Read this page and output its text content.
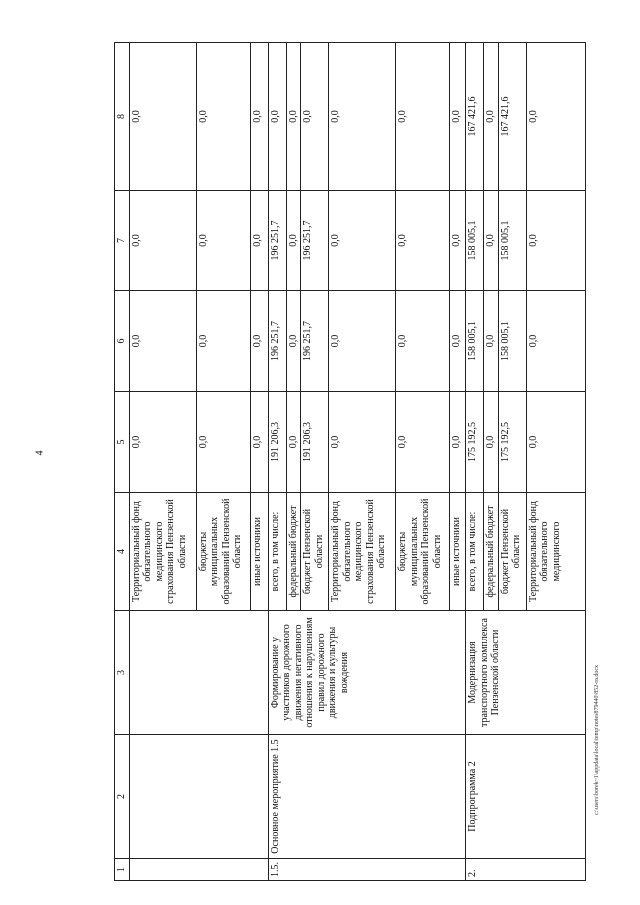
4
1	2	3	4	5	6	7	8
			Территориальный фонд обязательного медицинского страхования Пензенской области	0,0	0,0	0,0	0,0
			бюджеты муниципальных образований Пензенской области	0,0	0,0	0,0	0,0
			иные источники	0,0	0,0	0,0	0,0
1.5.	Основное мероприятие 1.5	Формирование у участников дорожного движения негативного отношения к нарушениям правил дорожного движения и культуры вождения	всего, в том числе:	191 206,3	196 251,7	196 251,7	0,0
			федеральный бюджет	0,0	0,0	0,0	0,0
			бюджет Пензенской области	191 206,3	196 251,7	196 251,7	0,0
			Территориальный фонд обязательного медицинского страхования Пензенской области	0,0	0,0	0,0	0,0
			бюджеты муниципальных образований Пензенской области	0,0	0,0	0,0	0,0
			иные источники	0,0	0,0	0,0	0,0
2.	Подпрограмма 2	Модернизация транспортного комплекса Пензенской области	всего, в том числе:	175 192,5	158 005,1	158 005,1	167 421,6
			федеральный бюджет	0,0	0,0	0,0	0,0
			бюджет Пензенской области	175 192,5	158 005,1	158 005,1	167 421,6
			Территориальный фонд обязательного медицинского	0,0	0,0	0,0	0,0
c:\users\borek~1\appdata\local\temp\notes879440\852-ra.docx
